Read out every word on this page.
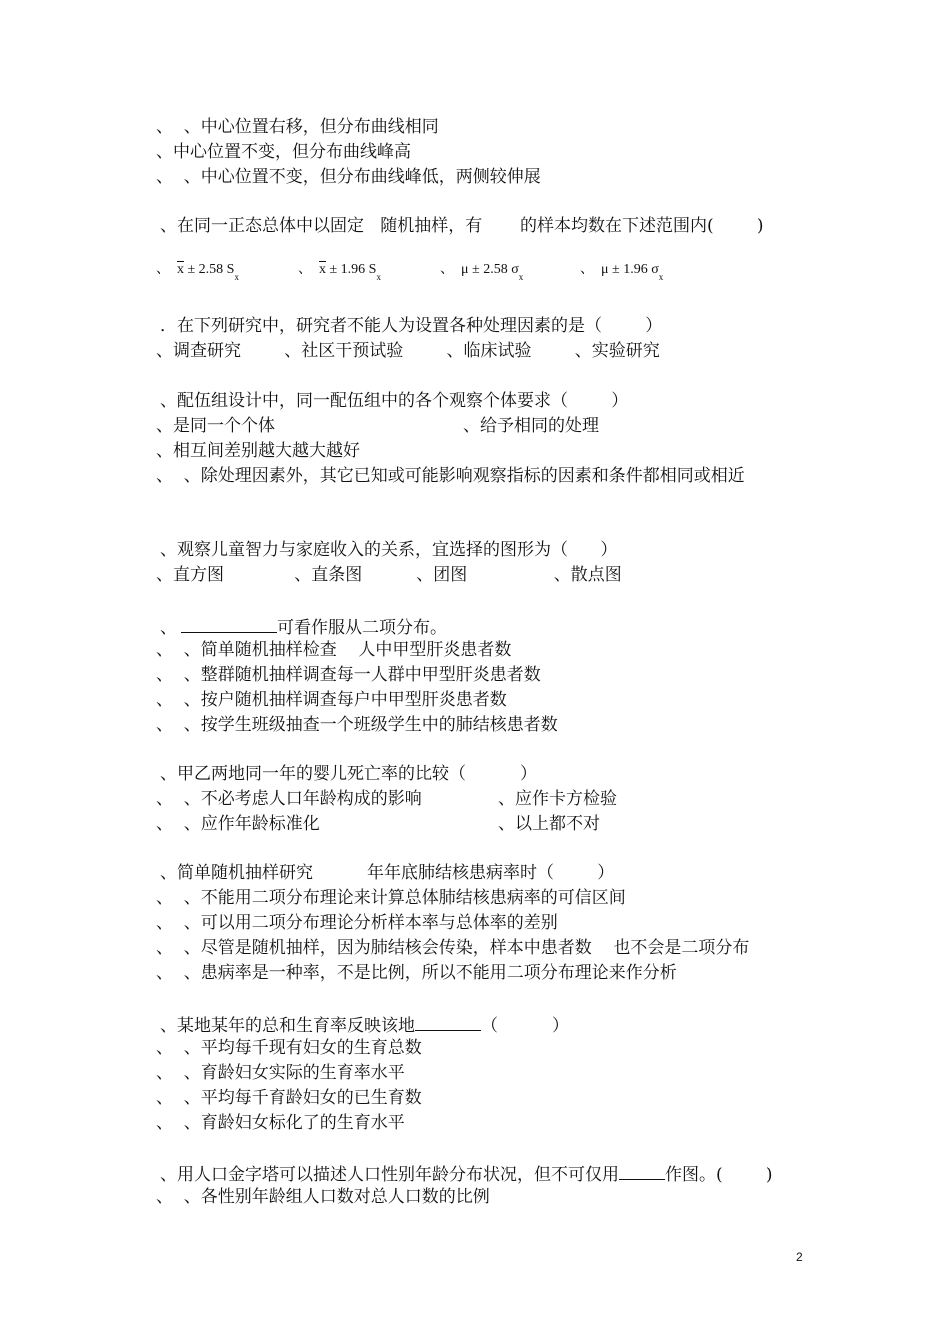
、  、中心位置右移，但分布曲线相同
、中心位置不变，但分布曲线峰高
、  、中心位置不变，但分布曲线峰低，两侧较伸展
、在同一正态总体中以固定   随机抽样，有       的样本均数在下述范围内(        )
、 $\overline{x} \pm 2.58$ $S_x$	、 $\overline{x} \pm 1.96$ $S_x$	、  μ ± 2.58 $\sigma_x$	、  μ ± 1.96 $\sigma_x$
．在下列研究中，研究者不能人为设置各种处理因素的是（        ）
、调查研究        、社区干预试验        、临床试验        、实验研究
、配伍组设计中，同一配伍组中的各个观察个体要求（        ）
、是同一个个体	、给予相同的处理
、相互间差别越大越大越好
、  、除处理因素外，其它已知或可能影响观察指标的因素和条件都相同或相近
、观察儿童智力与家庭收入的关系，宜选择的图形为（      ）
、直方图             、直条图          、团图                、散点图
、	可看作服从二项分布。
、  、简单随机抽样检查    人中甲型肝炎患者数
、  、整群随机抽样调查每一人群中甲型肝炎患者数
、  、按户随机抽样调查每户中甲型肝炎患者数
、  、按学生班级抽查一个班级学生中的肺结核患者数
、甲乙两地同一年的婴儿死亡率的比较（          ）
、  、不必考虑人口年龄构成的影响	、应作卡方检验
、  、应作年龄标准化	、以上都不对
、简单随机抽样研究          年年底肺结核患病率时（        ）
、  、不能用二项分布理论来计算总体肺结核患病率的可信区间
、  、可以用二项分布理论分析样本率与总体率的差别
、  、尽管是随机抽样，因为肺结核会传染，样本中患者数    也不会是二项分布
、  、患病率是一种率，不是比例，所以不能用二项分布理论来作分析
、某地某年的总和生育率反映该地	（          ）
、  、平均每千现有妇女的生育总数
、  、育龄妇女实际的生育率水平
、  、平均每千育龄妇女的已生育数
、  、育龄妇女标化了的生育水平
、用人口金字塔可以描述人口性别年龄分布状况，但不可仅用	作图。(        )
、  、各性别年龄组人口数对总人口数的比例
2
